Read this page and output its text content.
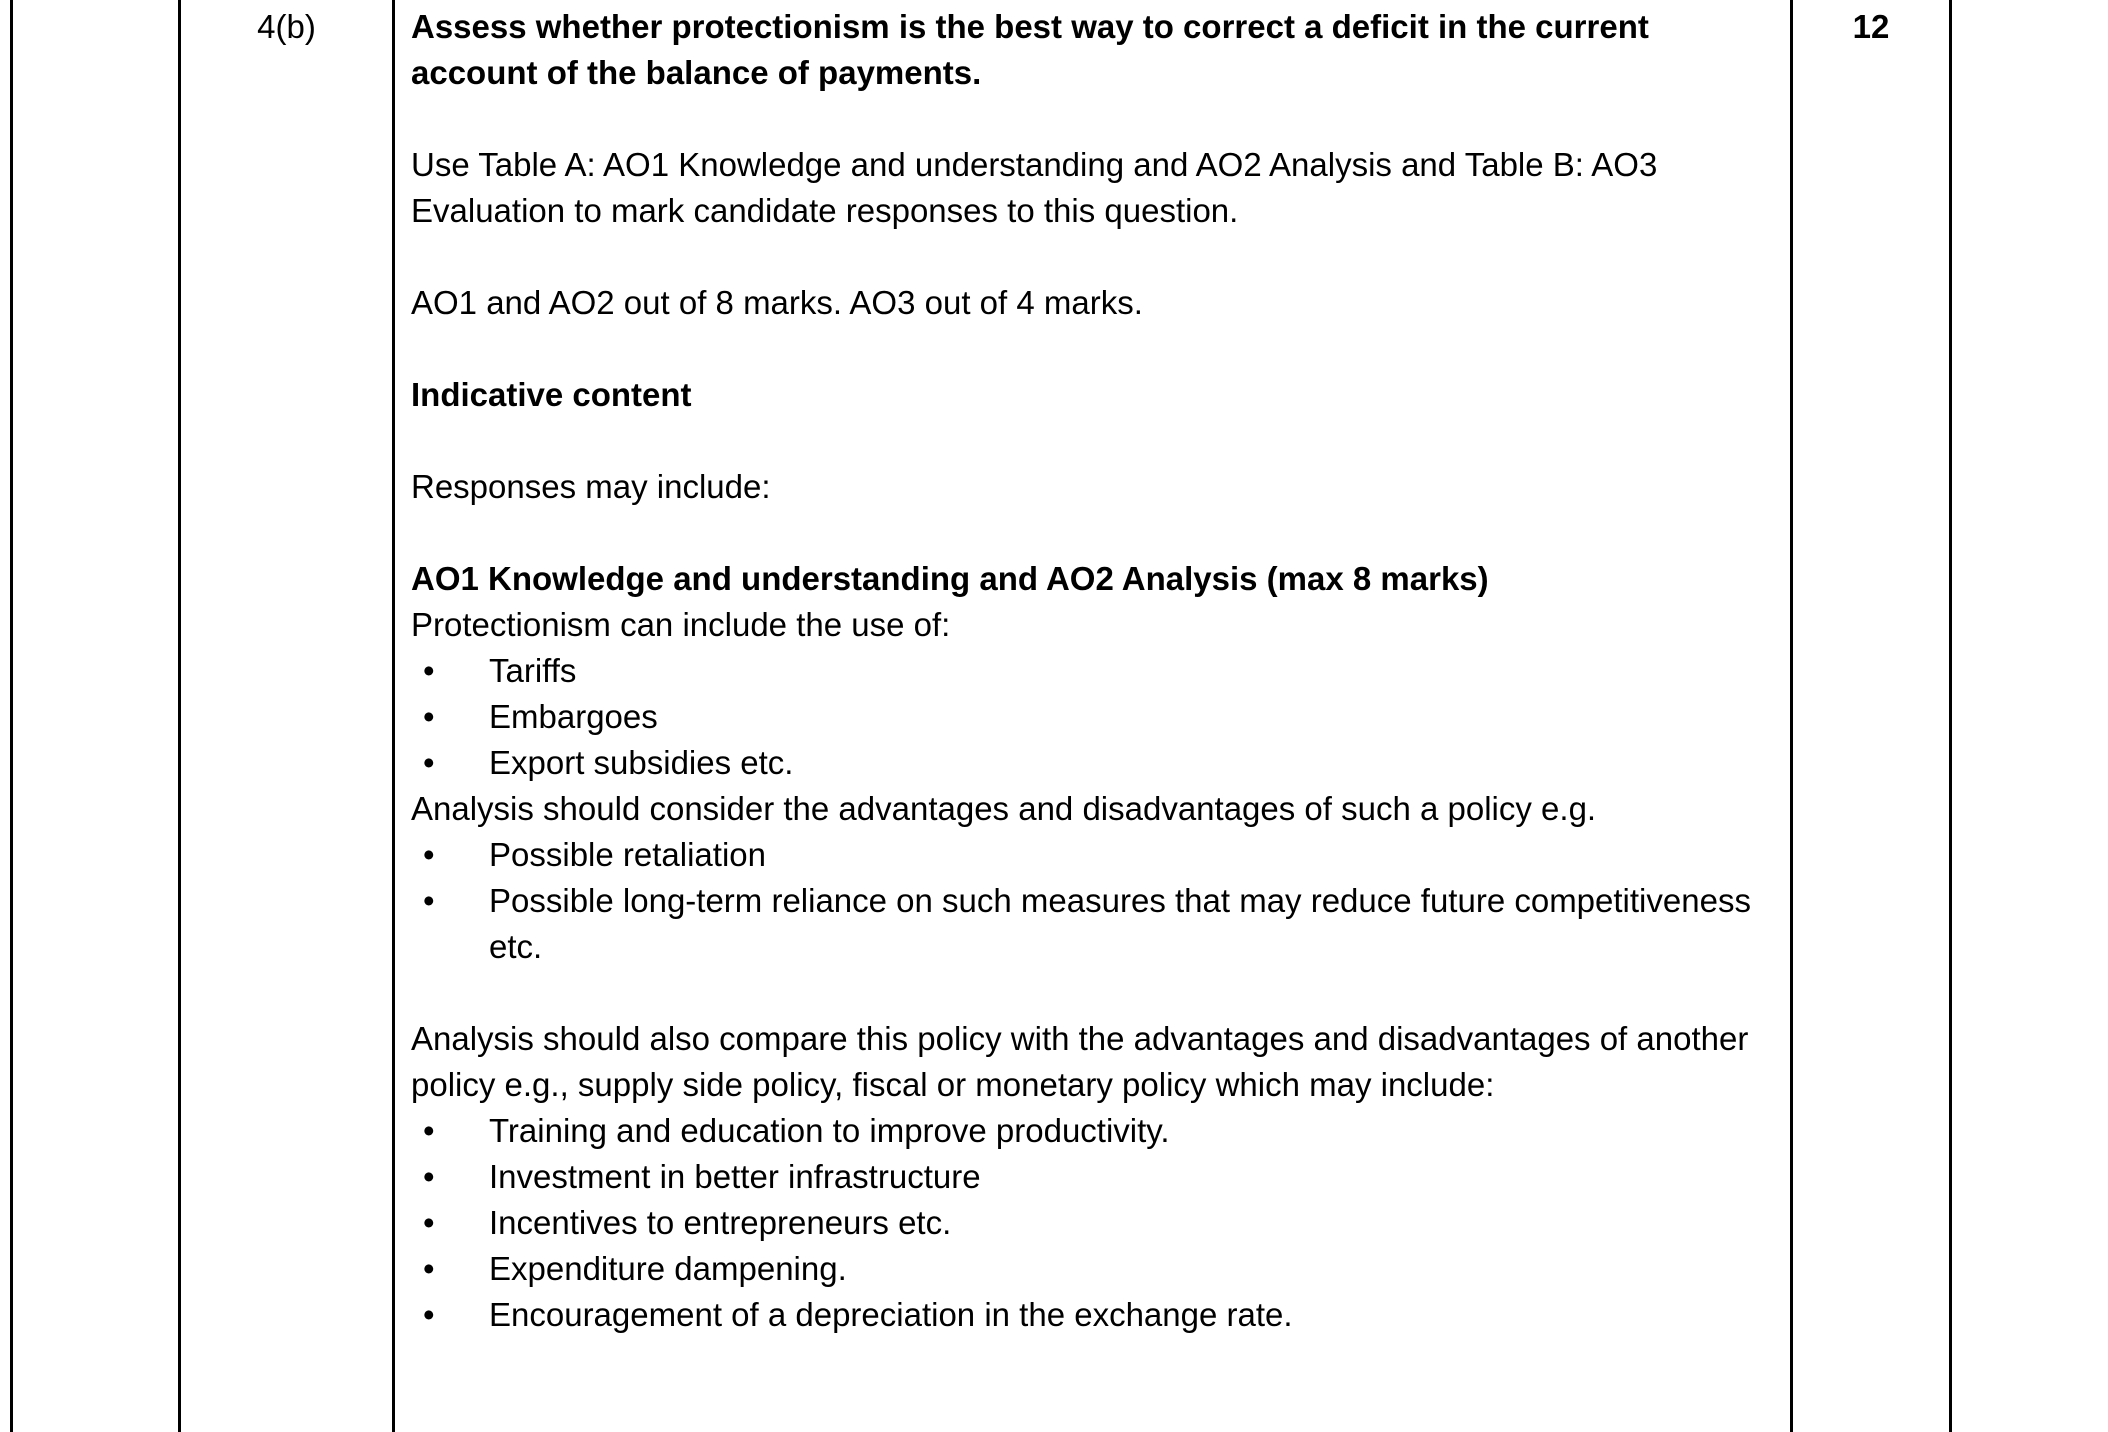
4(b)	Assess whether protectionism is the best way to correct a deficit in the current account of the balance of payments.

Use Table A: AO1 Knowledge and understanding and AO2 Analysis and Table B: AO3 Evaluation to mark candidate responses to this question.

AO1 and AO2 out of 8 marks. AO3 out of 4 marks.

Indicative content

Responses may include:

AO1 Knowledge and understanding and AO2 Analysis (max 8 marks)

Protectionism can include the use of:

• Tariffs
• Embargoes
• Export subsidies etc.

Analysis should consider the advantages and disadvantages of such a policy e.g.

• Possible retaliation
• Possible long-term reliance on such measures that may reduce future competitiveness etc.

Analysis should also compare this policy with the advantages and disadvantages of another policy e.g., supply side policy, fiscal or monetary policy which may include:

• Training and education to improve productivity.
• Investment in better infrastructure
• Incentives to entrepreneurs etc.
• Expenditure dampening.
• Encouragement of a depreciation in the exchange rate.
12
